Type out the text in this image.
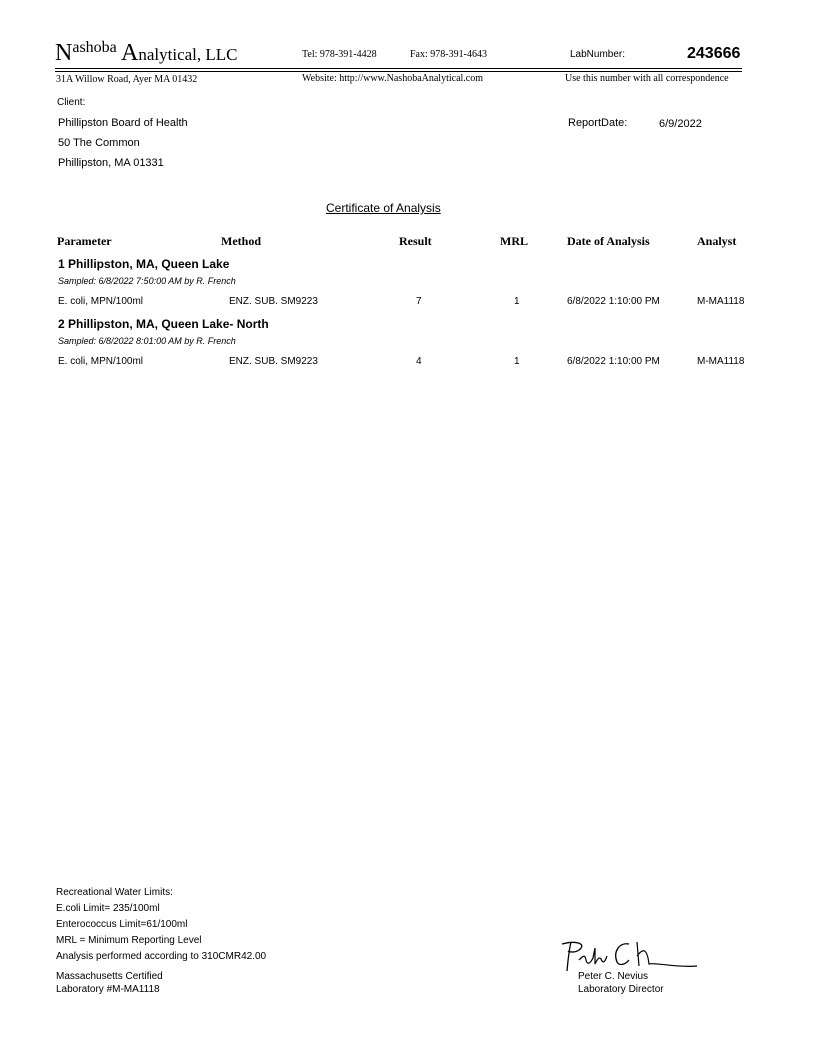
Nashoba Analytical, LLC	Tel: 978-391-4428	Fax: 978-391-4643	LabNumber:	243666
31A Willow Road, Ayer MA 01432	Website: http://www.NashobaAnalytical.com	Use this number with all correspondence
Client:
Phillipston Board of Health
50 The Common
Phillipston, MA 01331
ReportDate:	6/9/2022
Certificate of Analysis
Parameter	Method	Result	MRL	Date of Analysis	Analyst
1 Phillipston, MA, Queen Lake
Sampled: 6/8/2022 7:50:00 AM by R. French
E. coli, MPN/100ml	ENZ. SUB. SM9223	7	1	6/8/2022 1:10:00 PM	M-MA1118
2 Phillipston, MA, Queen Lake- North
Sampled: 6/8/2022 8:01:00 AM by R. French
E. coli, MPN/100ml	ENZ. SUB. SM9223	4	1	6/8/2022 1:10:00 PM	M-MA1118
Recreational Water Limits:
E.coli Limit= 235/100ml
Enterococcus Limit=61/100ml
MRL = Minimum Reporting Level
Analysis performed according to 310CMR42.00
Massachusetts Certified
Laboratory #M-MA1118
Peter C. Nevius
Laboratory Director
